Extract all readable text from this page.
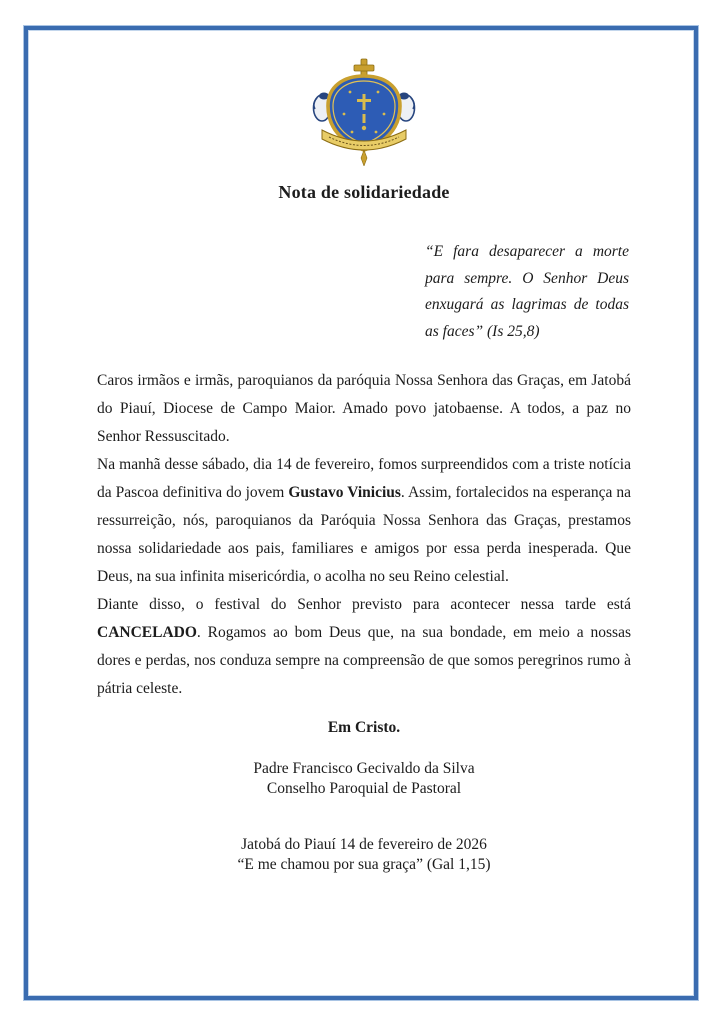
Nota de solidariedade
“E fara desaparecer a morte para sempre. O Senhor Deus enxugará as lagrimas de todas as faces” (Is 25,8)

Caros irmãos e irmãs, paroquianos da paróquia Nossa Senhora das Graças, em Jatobá do Piauí, Diocese de Campo Maior. Amado povo jatobaense. A todos, a paz no Senhor Ressuscitado.

Na manhã desse sábado, dia 14 de fevereiro, fomos surpreendidos com a triste notícia da Pascoa definitiva do jovem Gustavo Vinicius. Assim, fortalecidos na esperança na ressurreição, nós, paroquianos da Paróquia Nossa Senhora das Graças, prestamos nossa solidariedade aos pais, familiares e amigos por essa perda inesperada. Que Deus, na sua infinita misericórdia, o acolha no seu Reino celestial.

Diante disso, o festival do Senhor previsto para acontecer nessa tarde está CANCELADO. Rogamos ao bom Deus que, na sua bondade, em meio a nossas dores e perdas, nos conduza sempre na compreensão de que somos peregrinos rumo à pátria celeste.

Em Cristo.
Padre Francisco Gecivaldo da Silva
Conselho Paroquial de Pastoral
Jatobá do Piauí 14 de fevereiro de 2026
“E me chamou por sua graça” (Gal 1,15)
